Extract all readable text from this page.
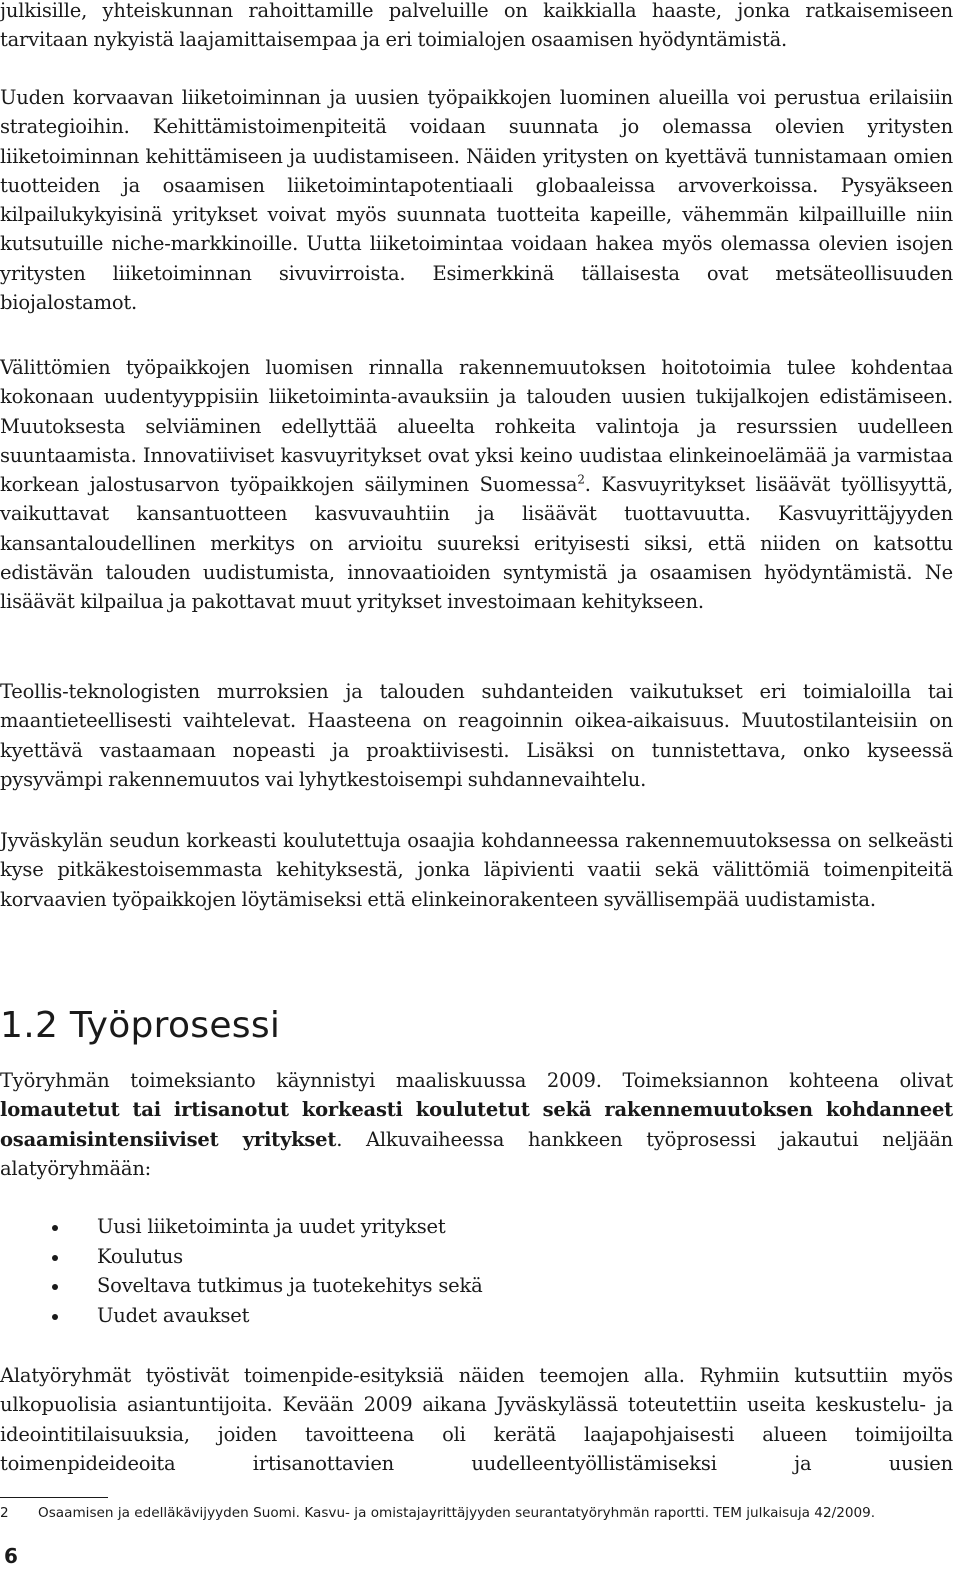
julkisille, yhteiskunnan rahoittamille palveluille on kaikkialla haaste, jonka ratkaisemiseen tarvitaan nykyistä laajamittaisempaa ja eri toimialojen osaamisen hyödyntämistä.

Uuden korvaavan liiketoiminnan ja uusien työpaikkojen luominen alueilla voi perustua erilaisiin strategioihin. Kehittämistoimenpiteitä voidaan suunnata jo olemassa olevien yritysten liiketoiminnan kehittämiseen ja uudistamiseen. Näiden yritysten on kyettävä tunnistamaan omien tuotteiden ja osaamisen liiketoimintapotentiaali globaaleissa arvoverkoissa. Pysyäkseen kilpailukykyisinä yritykset voivat myös suunnata tuotteita kapeille, vähemmän kilpailluille niin kutsutuille niche-markkinoille. Uutta liiketoimintaa voidaan hakea myös olemassa olevien isojen yritysten liiketoiminnan sivuvirroista. Esimerkkinä tällaisesta ovat metsäteollisuuden biojalostamot.

Välittömien työpaikkojen luomisen rinnalla rakennemuutoksen hoitotoimia tulee kohdentaa kokonaan uudentyyppisiin liiketoiminta-avauksiin ja talouden uusien tukijalkojen edistämiseen. Muutoksesta selviäminen edellyttää alueelta rohkeita valintoja ja resurssien uudelleen suuntaamista. Innovatiiviset kasvuyritykset ovat yksi keino uudistaa elinkeinoelämää ja varmistaa korkean jalostusarvon työpaikkojen säilyminen Suomessa$^2$. Kasvuyritykset lisäävät työllisyyttä, vaikuttavat kansantuotteen kasvuvauhtiin ja lisäävät tuottavuutta. Kasvuyrittäjyyden kansantaloudellinen merkitys on arvioitu suureksi erityisesti siksi, että niiden on katsottu edistävän talouden uudistumista, innovaatioiden syntymistä ja osaamisen hyödyntämistä. Ne lisäävät kilpailua ja pakottavat muut yritykset investoimaan kehitykseen.

Teollis-teknologisten murroksien ja talouden suhdanteiden vaikutukset eri toimialoilla tai maantieteellisesti vaihtelevat. Haasteena on reagoinnin oikea-aikaisuus. Muutostilanteisiin on kyettävä vastaamaan nopeasti ja proaktiivisesti. Lisäksi on tunnistettava, onko kyseessä pysyvämpi rakennemuutos vai lyhytkestoisempi suhdannevaihtelu.

Jyväskylän seudun korkeasti koulutettuja osaajia kohdanneessa rakennemuutoksessa on selkeästi kyse pitkäkestoisemmasta kehityksestä, jonka läpivienti vaatii sekä välittömiä toimenpiteitä korvaavien työpaikkojen löytämiseksi että elinkeinorakenteen syvällisempää uudistamista.

1.2 Työprosessi

Työryhmän toimeksianto käynnistyi maaliskuussa 2009. Toimeksiannon kohteena olivat lomautetut tai irtisanotut korkeasti koulutetut sekä rakennemuutoksen kohdanneet osaamisintensiiviset yritykset. Alkuvaiheessa hankkeen työprosessi jakautui neljään alatyöryhmään:

Uusi liiketoiminta ja uudet yritykset
Koulutus
Soveltava tutkimus ja tuotekehitys sekä
Uudet avaukset

Alatyöryhmät työstivät toimenpide-esityksiä näiden teemojen alla. Ryhmiin kutsuttiin myös ulkopuolisia asiantuntijoita. Kevään 2009 aikana Jyväskylässä toteutettiin useita keskustelu- ja ideointitilaisuuksia, joiden tavoitteena oli kerätä laajapohjaisesti alueen toimijoilta toimenpideideoita irtisanottavien uudelleentyöllistämiseksi ja uusien

2 Osaamisen ja edelläkävijyyden Suomi. Kasvu- ja omistajayrittäjyyden seurantatyöryhmän raportti. TEM julkaisuja 42/2009.
6
